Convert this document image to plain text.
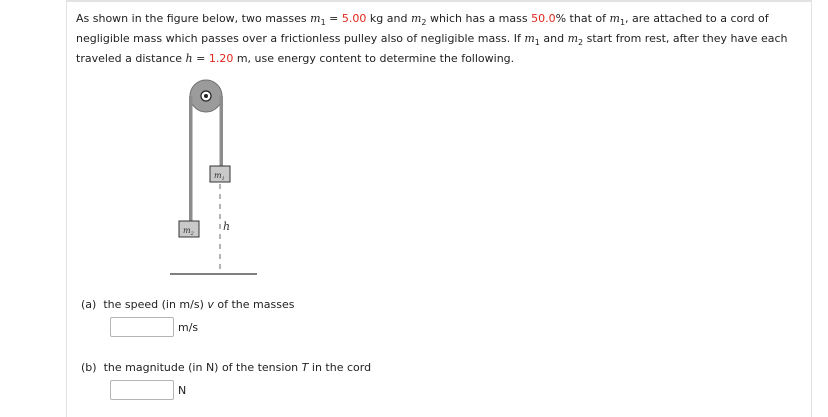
As shown in the figure below, two masses $m_1 = 5.00$ kg and $m_2$ which has a mass 50.0% that of $m_1$, are attached to a cord of negligible mass which passes over a frictionless pulley also of negligible mass. If $m_1$ and $m_2$ start from rest, after they have each traveled a distance h = 1.20 m, use energy content to determine the following.
$m_1$
$m_2$
h
(a) the speed (in m/s) v of the masses
m/s
(b) the magnitude (in N) of the tension T in the cord
N
